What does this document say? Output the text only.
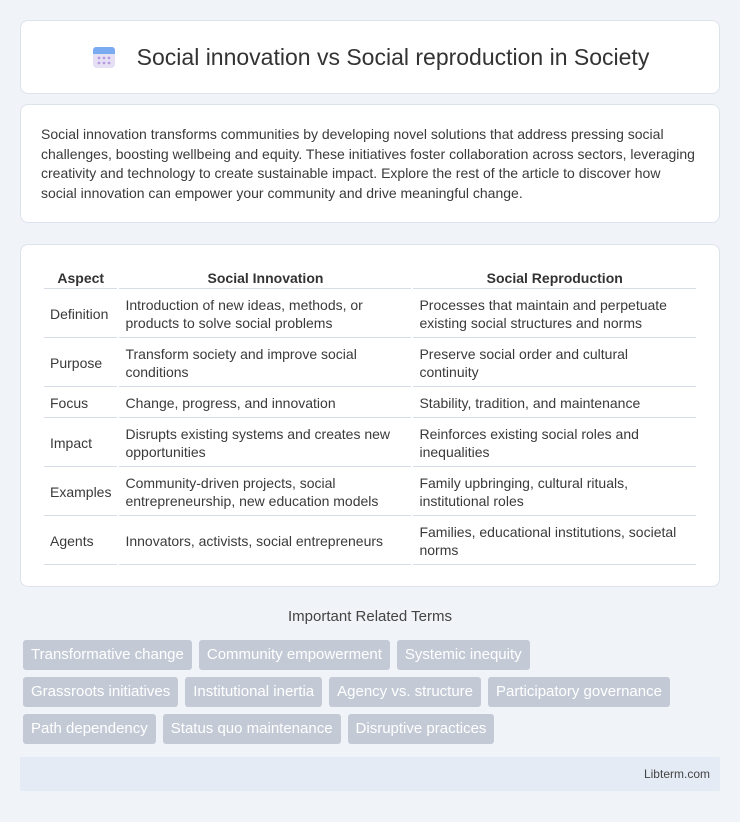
Social innovation vs Social reproduction in Society

Social innovation transforms communities by developing novel solutions that address pressing social challenges, boosting wellbeing and equity. These initiatives foster collaboration across sectors, leveraging creativity and technology to create sustainable impact. Explore the rest of the article to discover how social innovation can empower your community and drive meaningful change.

Aspect	Social Innovation	Social Reproduction
Definition	Introduction of new ideas, methods, or products to solve social problems	Processes that maintain and perpetuate existing social structures and norms
Purpose	Transform society and improve social conditions	Preserve social order and cultural continuity
Focus	Change, progress, and innovation	Stability, tradition, and maintenance
Impact	Disrupts existing systems and creates new opportunities	Reinforces existing social roles and inequalities
Examples	Community-driven projects, social entrepreneurship, new education models	Family upbringing, cultural rituals, institutional roles
Agents	Innovators, activists, social entrepreneurs	Families, educational institutions, societal norms
Important Related Terms
Transformative change	Community empowerment	Systemic inequity
Grassroots initiatives	Institutional inertia	Agency vs. structure	Participatory governance
Path dependency	Status quo maintenance	Disruptive practices
Libterm.com
